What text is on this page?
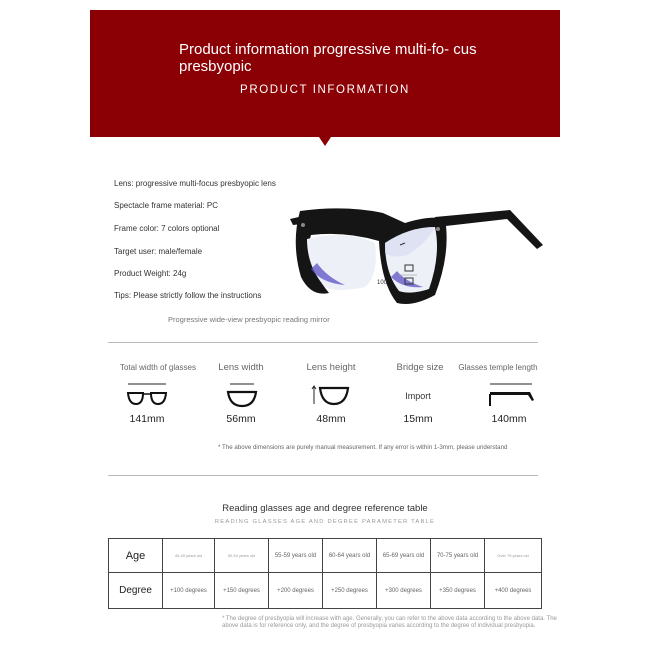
Product information progressive multi-fo- cus presbyopic
PRODUCT INFORMATION
Lens: progressive multi-focus presbyopic lens
Spectacle frame material: PC
Frame color: 7 colors optional
Target user: male/female
Product Weight: 24g
Tips: Please strictly follow the instructions
100
Progressive wide-view presbyopic reading mirror
Total width of glasses	Lens width	Lens height	Bridge size	Glasses temple length
Import
141mm	56mm	48mm	15mm	140mm
* The above dimensions are purely manual measurement. If any error is within 1-3mm, please understand
Reading glasses age and degree reference table
READING GLASSES AGE AND DEGREE PARAMETER TABLE
Age	45-49 years old	50-54 years old	55-59 years old	60-64 years old	65-69 years old	70-75 years old	Over 75 years old
Degree	+100 degrees	+150 degrees	+200 degrees	+250 degrees	+300 degrees	+350 degrees	+400 degrees
* The degree of presbyopia will increase with age. Generally, you can refer to the above data according to the above data. The above data is for reference only, and the degree of presbyopia varies according to the degree of individual presbyopia.
